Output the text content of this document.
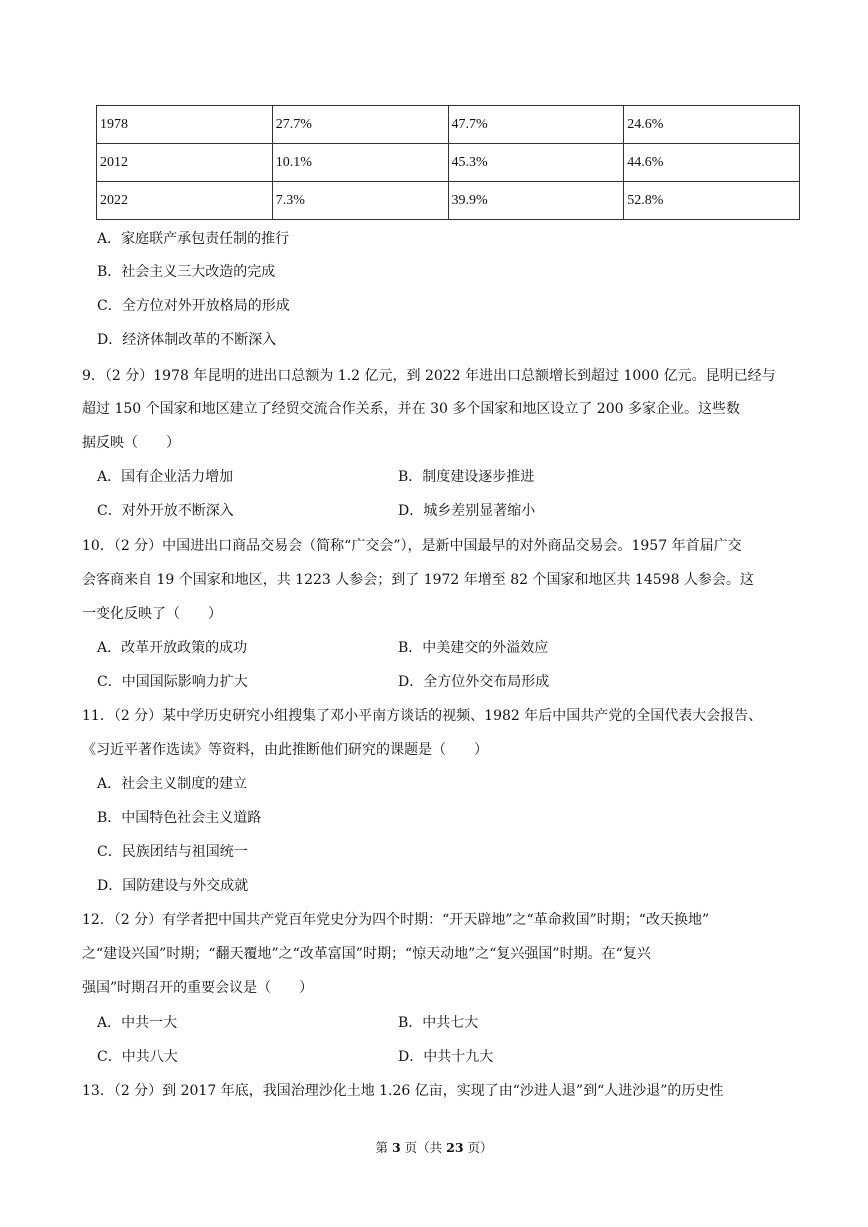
1978	27.7%	47.7%	24.6%
2012	10.1%	45.3%	44.6%
2022	7.3%	39.9%	52.8%
A．家庭联产承包责任制的推行
B．社会主义三大改造的完成
C．全方位对外开放格局的形成
D．经济体制改革的不断深入
9．（2 分）1978 年昆明的进出口总额为 1.2 亿元，到 2022 年进出口总额增长到超过 1000 亿元。昆明已经与
超过 150 个国家和地区建立了经贸交流合作关系，并在 30 多个国家和地区设立了 200 多家企业。这些数
据反映（　　）
A．国有企业活力增加	B．制度建设逐步推进
C．对外开放不断深入	D．城乡差别显著缩小
10．（2 分）中国进出口商品交易会（简称“广交会”），是新中国最早的对外商品交易会。1957 年首届广交
会客商来自 19 个国家和地区，共 1223 人参会；到了 1972 年增至 82 个国家和地区共 14598 人参会。这
一变化反映了（　　）
A．改革开放政策的成功	B．中美建交的外溢效应
C．中国国际影响力扩大	D．全方位外交布局形成
11．（2 分）某中学历史研究小组搜集了邓小平南方谈话的视频、1982 年后中国共产党的全国代表大会报告、
《习近平著作选读》等资料，由此推断他们研究的课题是（　　）
A．社会主义制度的建立
B．中国特色社会主义道路
C．民族团结与祖国统一
D．国防建设与外交成就
12．（2 分）有学者把中国共产党百年党史分为四个时期：“开天辟地”之“革命救国”时期；“改天换地”
之“建设兴国”时期；“翻天覆地”之“改革富国”时期；“惊天动地”之“复兴强国”时期。在“复兴
强国”时期召开的重要会议是（　　）
A．中共一大	B．中共七大
C．中共八大	D．中共十九大
13．（2 分）到 2017 年底，我国治理沙化土地 1.26 亿亩，实现了由“沙进人退”到“人进沙退”的历史性
第 3 页（共 23 页）
